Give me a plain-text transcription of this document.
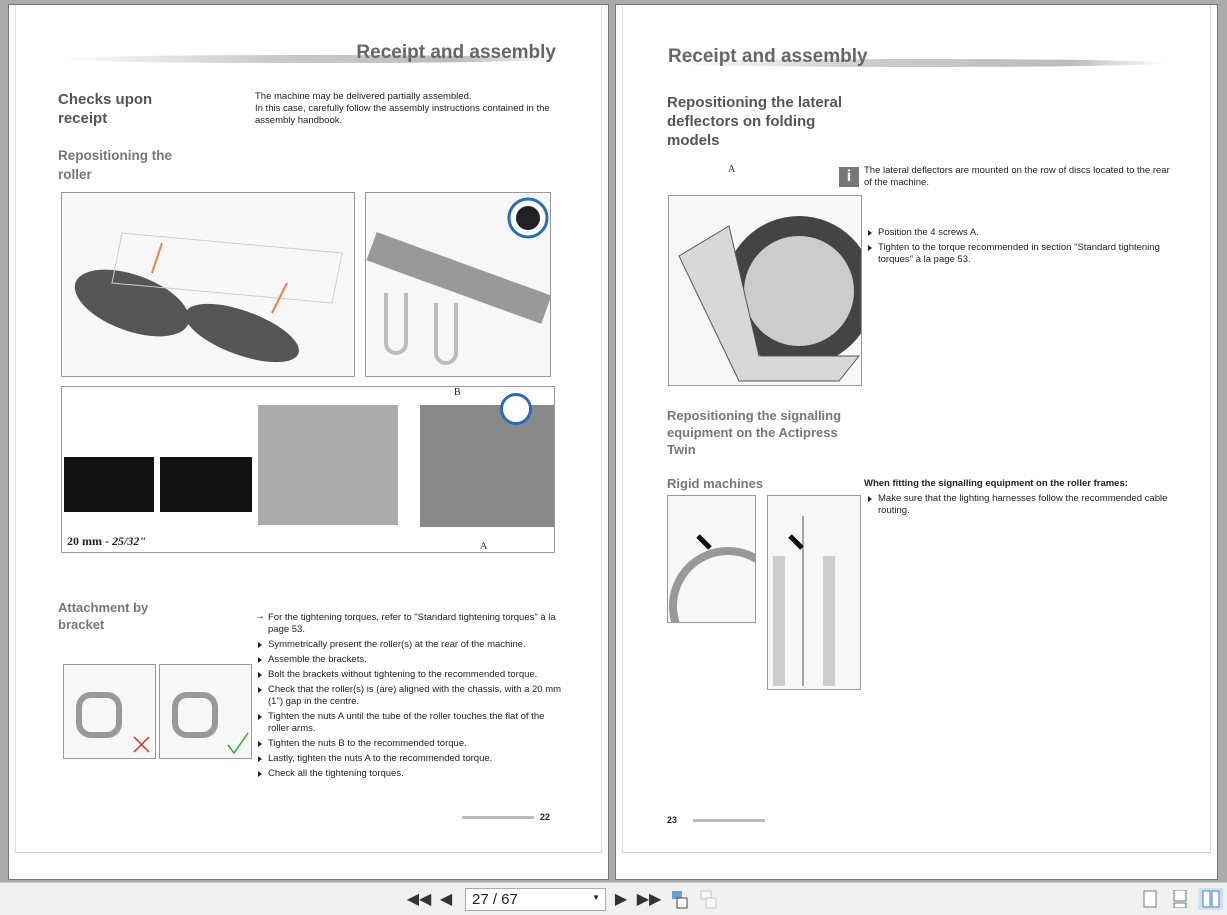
Receipt and assembly
Checks upon receipt
The machine may be delivered partially assembled.
In this case, carefully follow the assembly instructions contained in the assembly handbook.
Repositioning the roller
B
A
20 mm - 25/32"
Attachment by bracket	→ For the tightening torques, refer to "Standard tightening torques" à la page 53.
Symmetrically present the roller(s) at the rear of the machine.
Assemble the brackets.
Bolt the brackets without tightening to the recommended torque.
Check that the roller(s) is (are) aligned with the chassis, with a 20 mm (1") gap in the centre.
Tighten the nuts A until the tube of the roller touches the flat of the roller arms.
Tighten the nuts B to the recommended torque.
Lastly, tighten the nuts A to the recommended torque.
Check all the tightening torques.
22
Receipt and assembly
Repositioning the lateral deflectors on folding models
A	i	The lateral deflectors are mounted on the row of discs located to the rear of the machine.
Position the 4 screws A.
Tighten to the torque recommended in section "Standard tightening torques" à la page 53.
Repositioning the signalling equipment on the Actipress Twin
Rigid machines	When fitting the signalling equipment on the roller frames:
Make sure that the lighting harnesses follow the recommended cable routing.
23
◀◀ ◀	27 / 67	▼ ▶ ▶▶
